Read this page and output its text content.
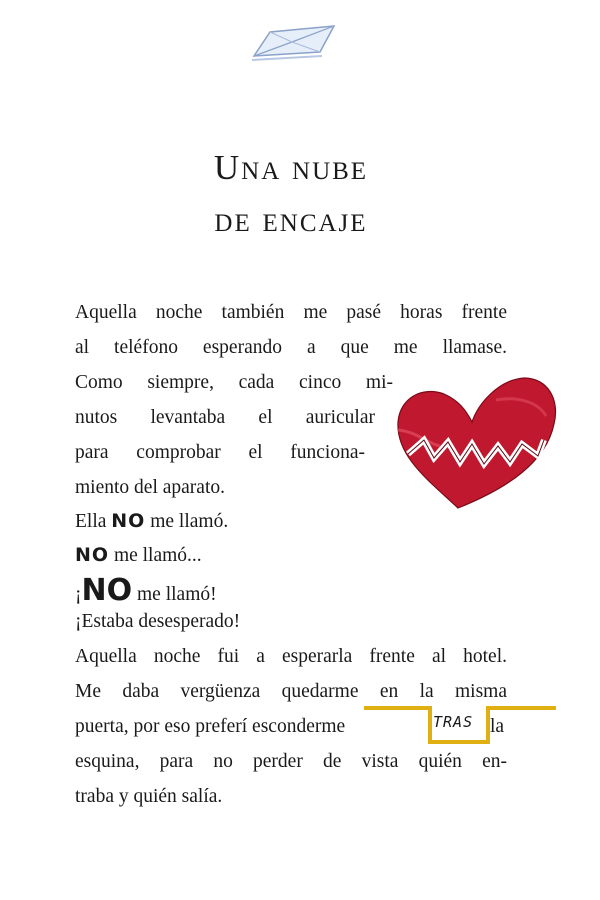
Una nube
de encaje
Aquella noche también me pasé horas frente
al teléfono esperando a que me llamase.
Como siempre, cada cinco mi-
nutos levantaba el auricular
para comprobar el funciona-
miento del aparato.
Ella NO me llamó.
NO me llamó...
¡NO me llamó!
¡Estaba desesperado!
Aquella noche fui a esperarla frente al hotel.
Me daba vergüenza quedarme en la misma
puerta, por eso preferí esconderme	la
esquina, para no perder de vista quién en-
traba y quién salía.
TRAS
